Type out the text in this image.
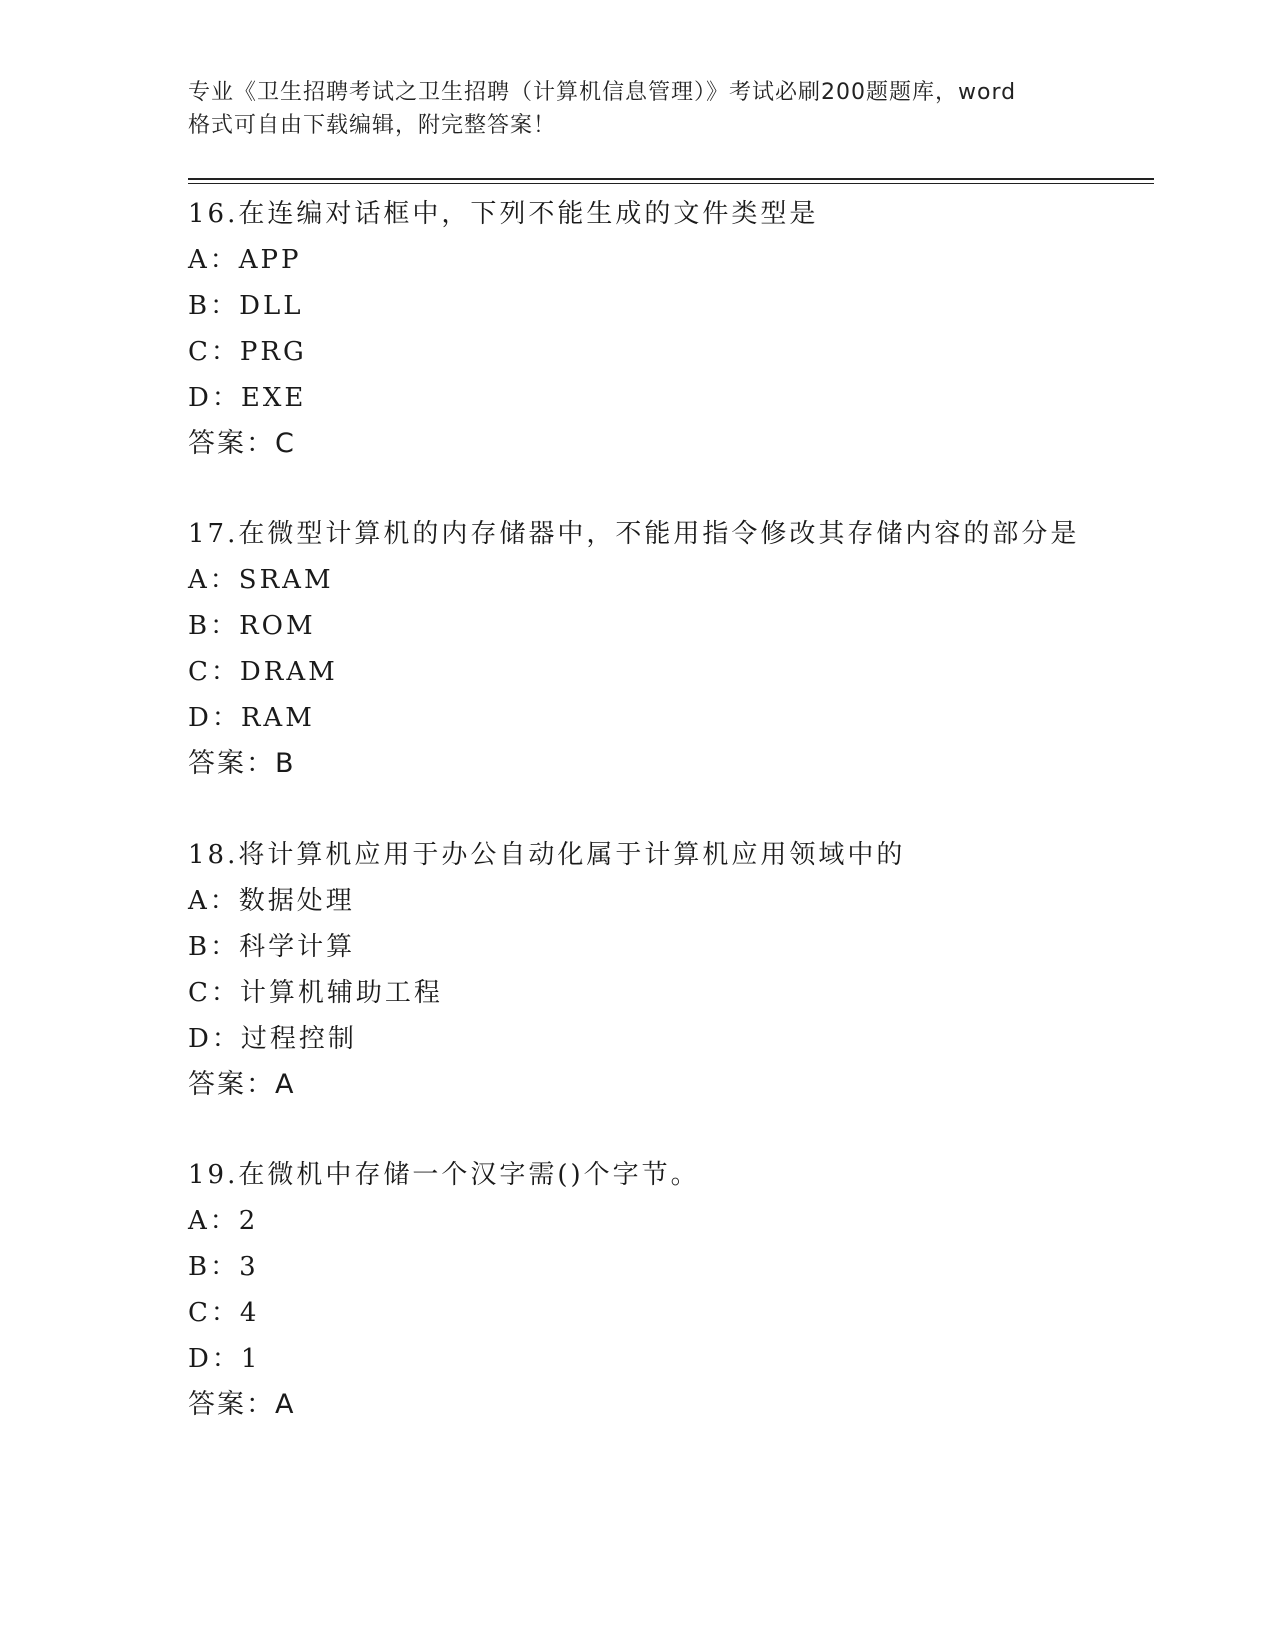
专业《卫生招聘考试之卫生招聘（计算机信息管理）》考试必刷200题题库，word
格式可自由下载编辑，附完整答案！
16.在连编对话框中，下列不能生成的文件类型是
A：APP
B：DLL
C：PRG
D：EXE
答案：C
17.在微型计算机的内存储器中，不能用指令修改其存储内容的部分是
A：SRAM
B：ROM
C：DRAM
D：RAM
答案：B
18.将计算机应用于办公自动化属于计算机应用领域中的
A：数据处理
B：科学计算
C：计算机辅助工程
D：过程控制
答案：A
19.在微机中存储一个汉字需()个字节。
A：2
B：3
C：4
D：1
答案：A
